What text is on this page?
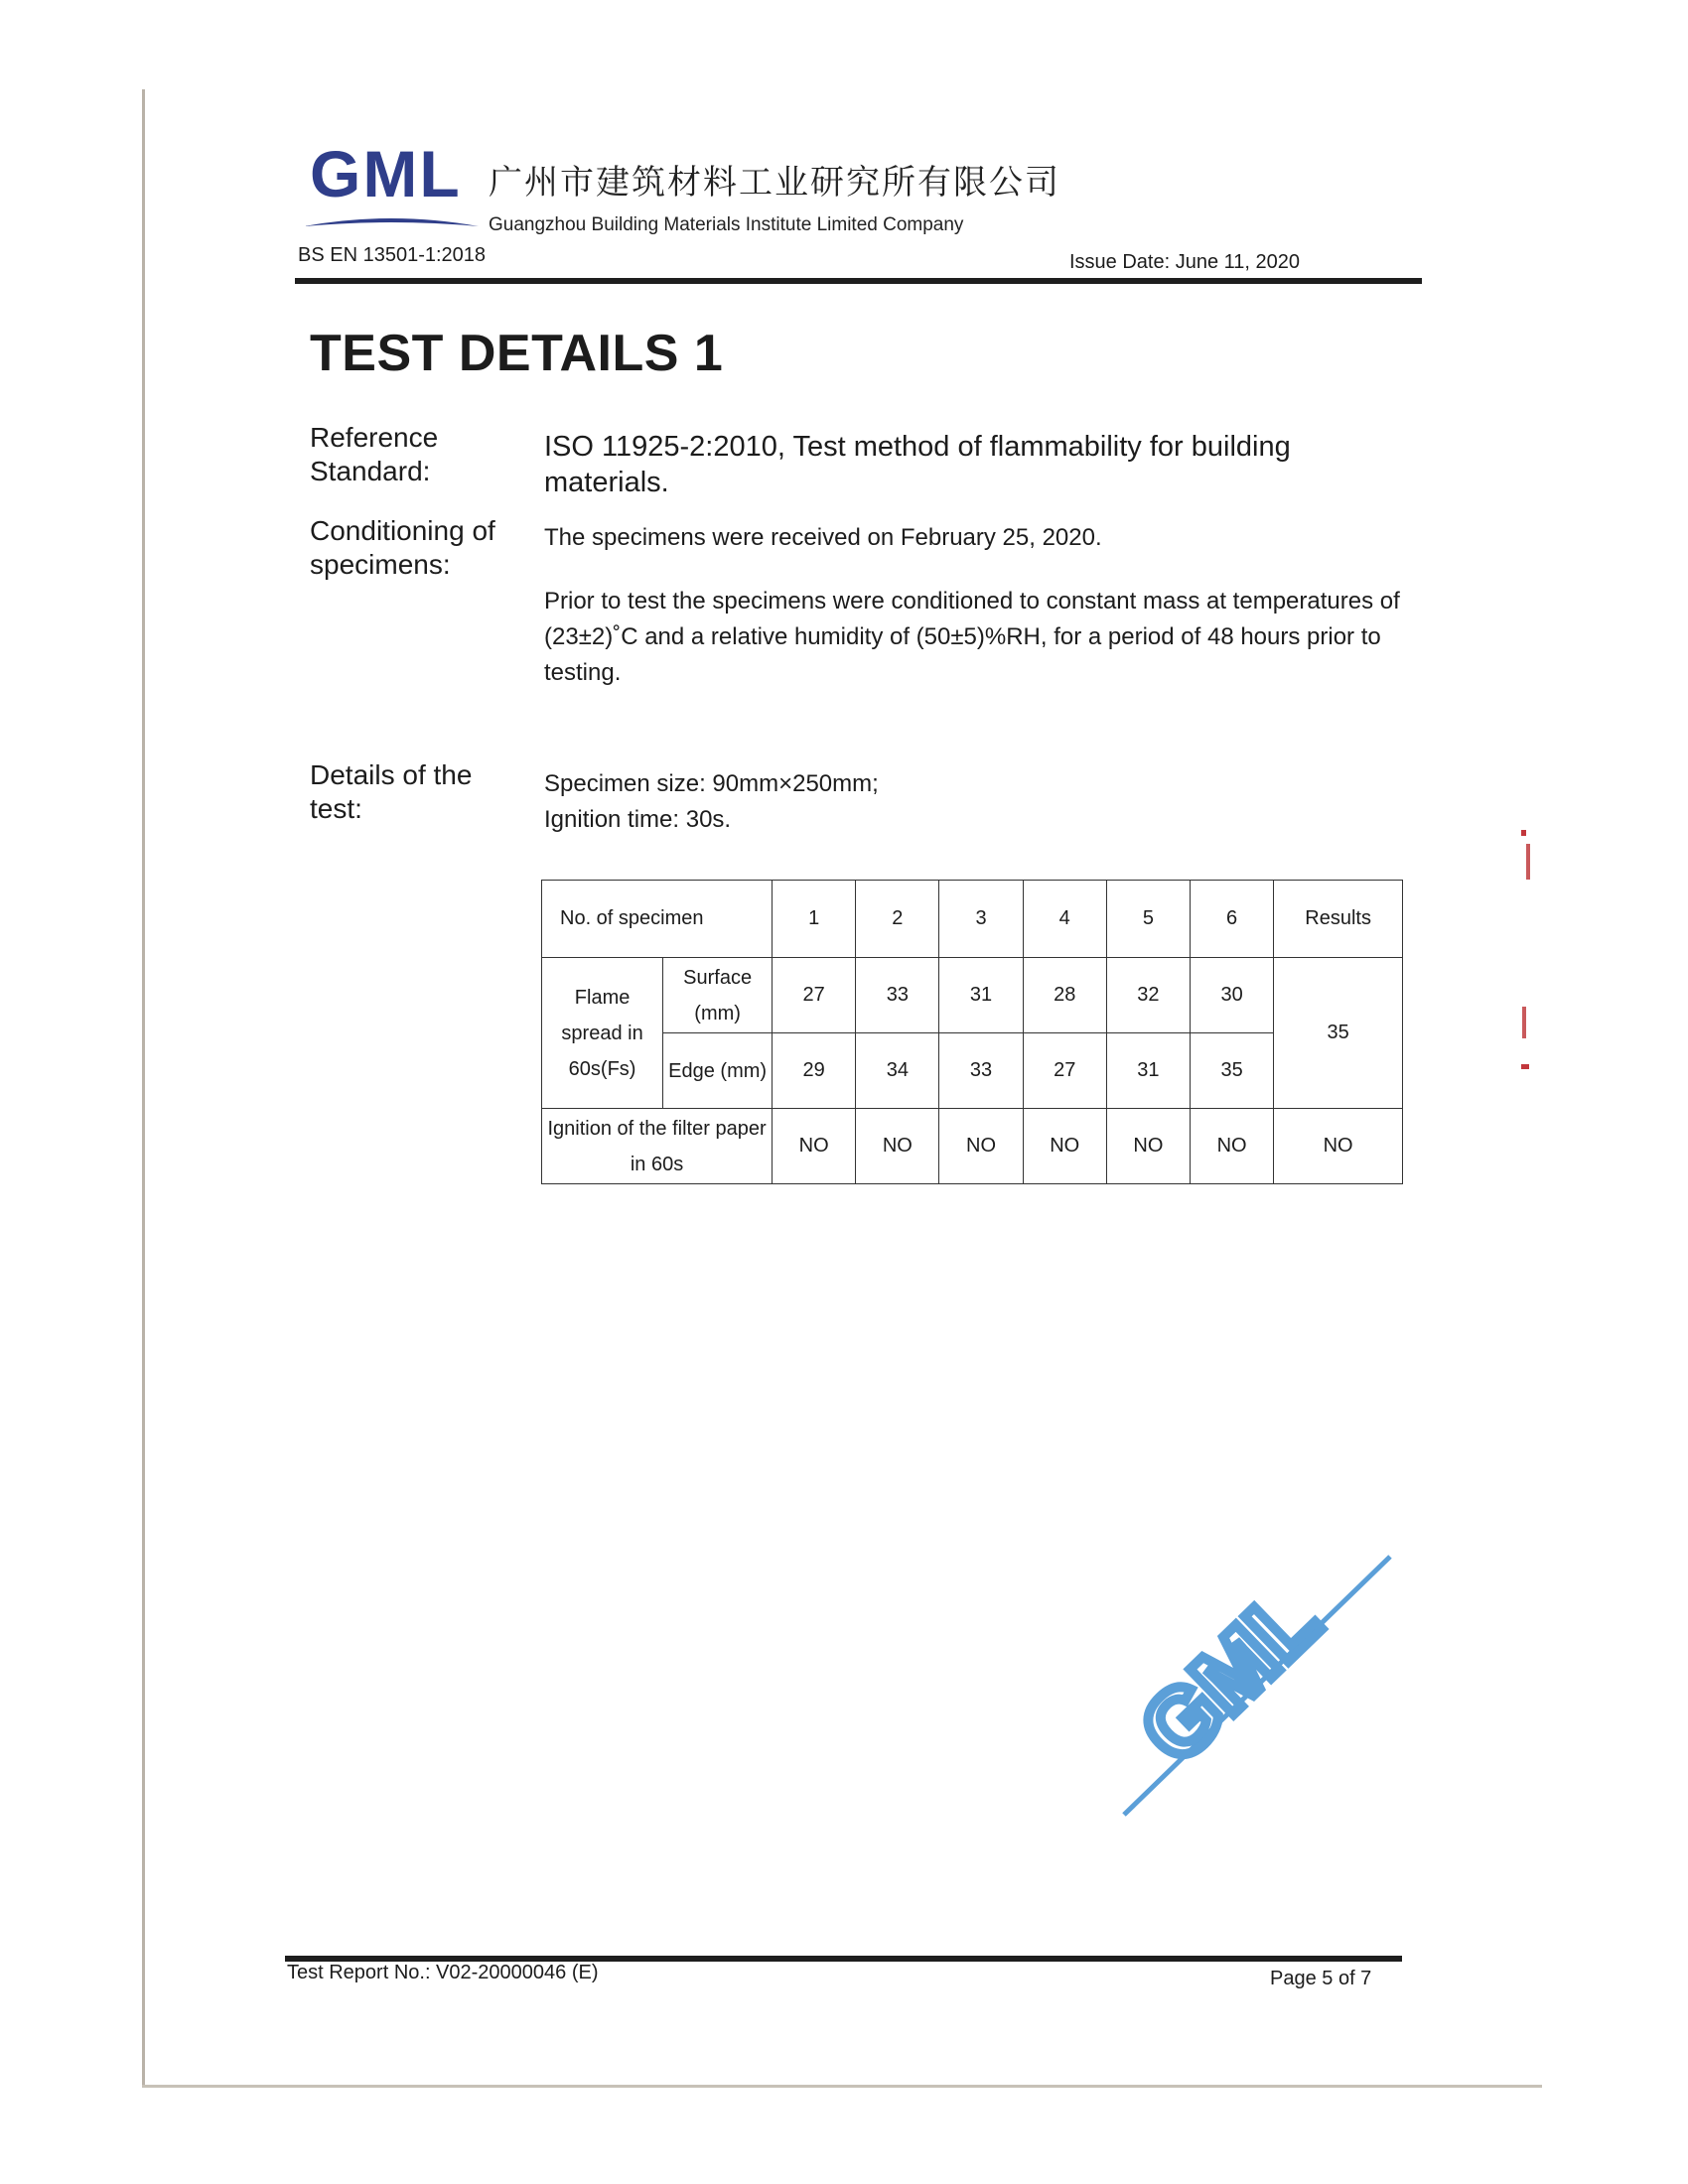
GML 广州市建筑材料工业研究所有限公司
Guangzhou Building Materials Institute Limited Company
BS EN 13501-1:2018	Issue Date: June 11, 2020
TEST DETAILS 1
Reference Standard:
ISO 11925-2:2010, Test method of flammability for building materials.
Conditioning of specimens:
The specimens were received on February 25, 2020.
Prior to test the specimens were conditioned to constant mass at temperatures of (23±2)˚C and a relative humidity of (50±5)%RH, for a period of 48 hours prior to testing.
Details of the test:
Specimen size: 90mm×250mm;
Ignition time: 30s.
No. of specimen		1	2	3	4	5	6	Results
Flame spread in 60s(Fs)	Surface (mm)	27	33	31	28	32	30	35
	Edge (mm)	29	34	33	27	31	35	
Ignition of the filter paper in 60s		NO	NO	NO	NO	NO	NO	NO
GML
Test Report No.: V02-20000046 (E)	Page 5 of 7
